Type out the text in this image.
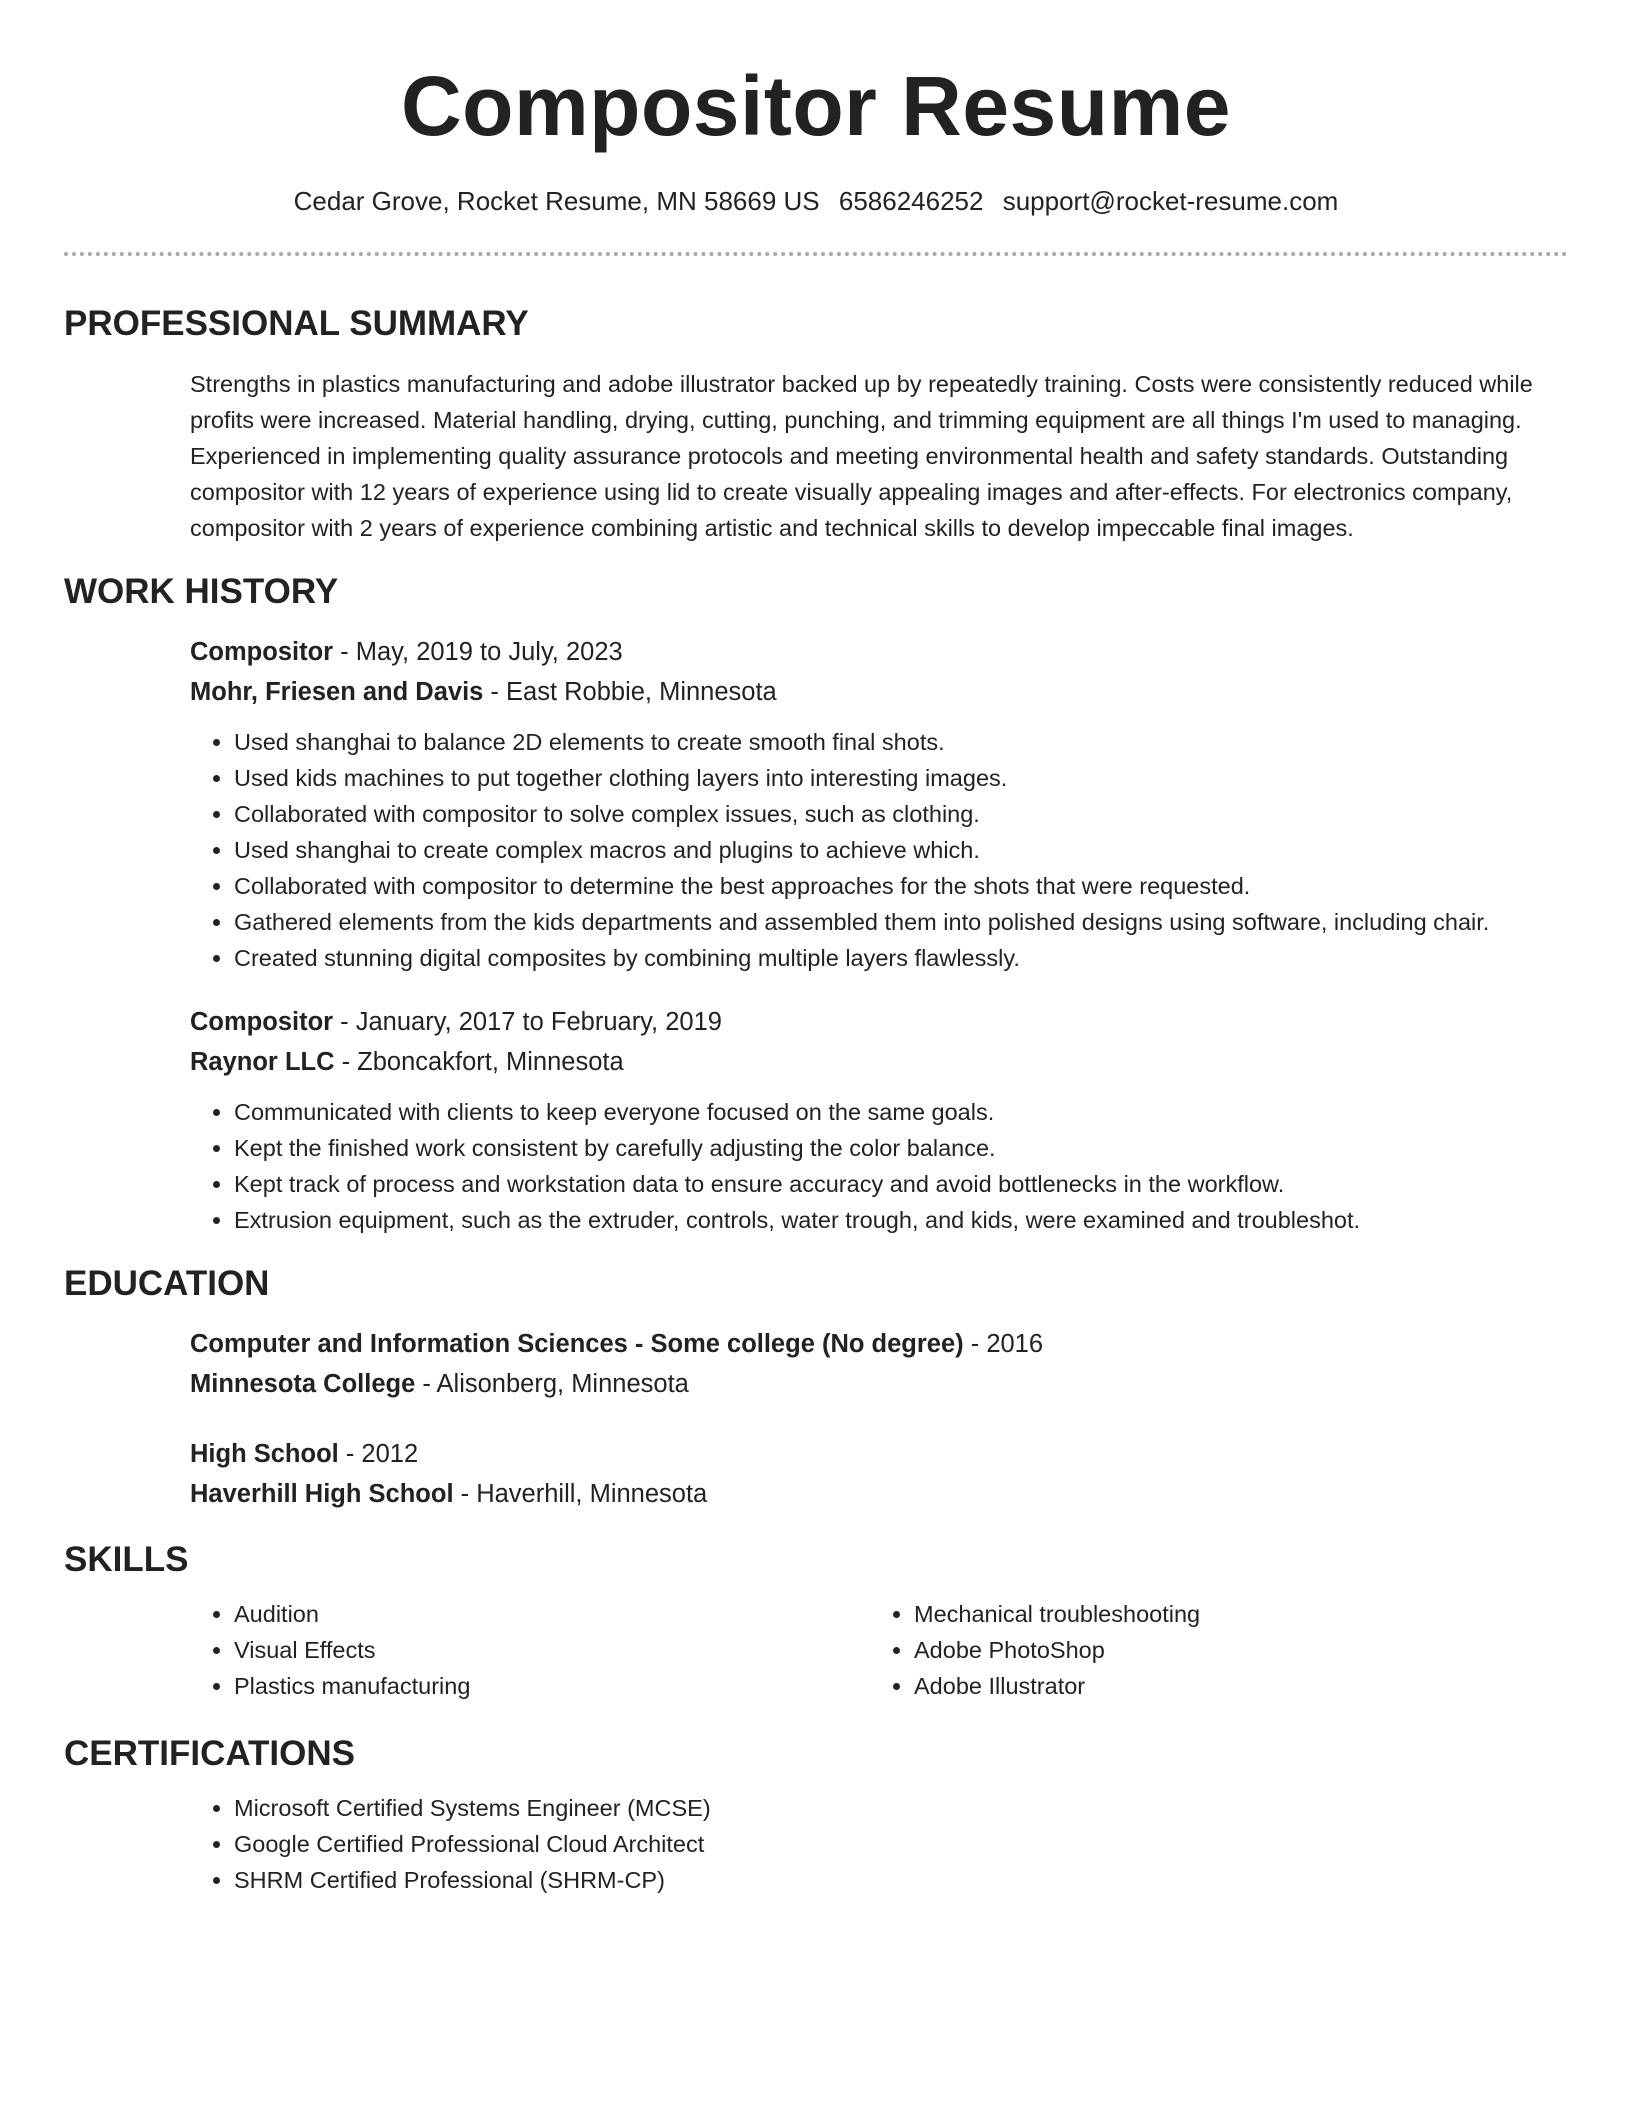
Compositor Resume
Cedar Grove, Rocket Resume, MN 58669 US 6586246252 support@rocket-resume.com
PROFESSIONAL SUMMARY
Strengths in plastics manufacturing and adobe illustrator backed up by repeatedly training. Costs were consistently reduced while profits were increased. Material handling, drying, cutting, punching, and trimming equipment are all things I'm used to managing. Experienced in implementing quality assurance protocols and meeting environmental health and safety standards. Outstanding compositor with 12 years of experience using lid to create visually appealing images and after-effects. For electronics company, compositor with 2 years of experience combining artistic and technical skills to develop impeccable final images.
WORK HISTORY
Compositor - May, 2019 to July, 2023
Mohr, Friesen and Davis - East Robbie, Minnesota
• Used shanghai to balance 2D elements to create smooth final shots.
• Used kids machines to put together clothing layers into interesting images.
• Collaborated with compositor to solve complex issues, such as clothing.
• Used shanghai to create complex macros and plugins to achieve which.
• Collaborated with compositor to determine the best approaches for the shots that were requested.
• Gathered elements from the kids departments and assembled them into polished designs using software, including chair.
• Created stunning digital composites by combining multiple layers flawlessly.
Compositor - January, 2017 to February, 2019
Raynor LLC - Zboncakfort, Minnesota
• Communicated with clients to keep everyone focused on the same goals.
• Kept the finished work consistent by carefully adjusting the color balance.
• Kept track of process and workstation data to ensure accuracy and avoid bottlenecks in the workflow.
• Extrusion equipment, such as the extruder, controls, water trough, and kids, were examined and troubleshot.
EDUCATION
Computer and Information Sciences - Some college (No degree) - 2016
Minnesota College - Alisonberg, Minnesota
High School - 2012
Haverhill High School - Haverhill, Minnesota
SKILLS
• Audition
• Visual Effects
• Plastics manufacturing
• Mechanical troubleshooting
• Adobe PhotoShop
• Adobe Illustrator
CERTIFICATIONS
• Microsoft Certified Systems Engineer (MCSE)
• Google Certified Professional Cloud Architect
• SHRM Certified Professional (SHRM-CP)
